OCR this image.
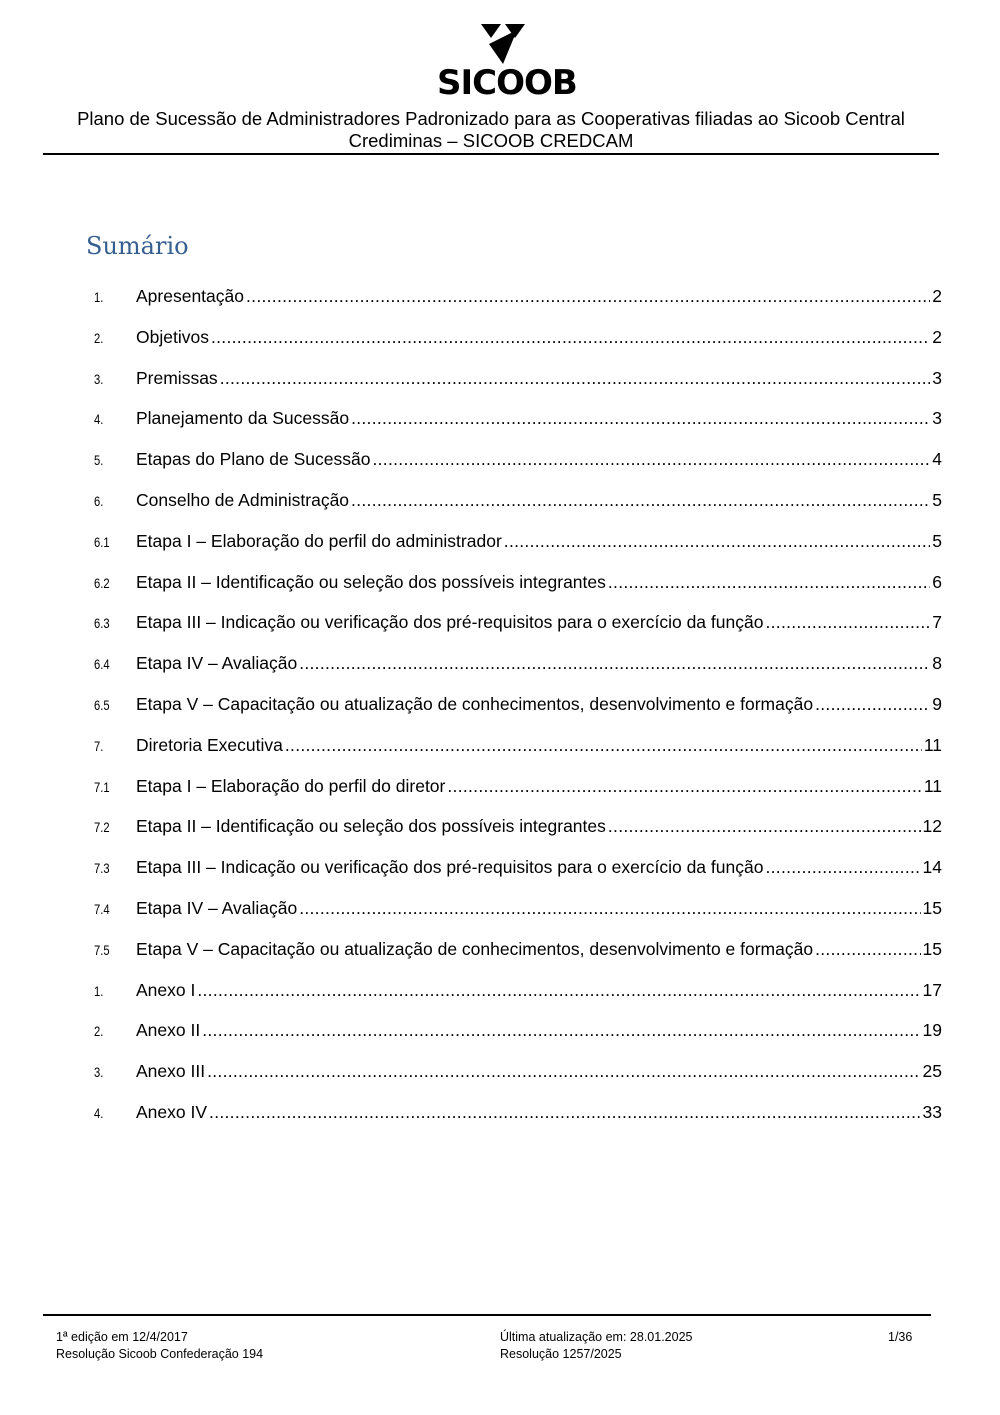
SICOOB
Plano de Sucessão de Administradores Padronizado para as Cooperativas filiadas ao Sicoob Central
Crediminas – SICOOB CREDCAM
Sumário
1.	Apresentação .....	2
2.	Objetivos .....	2
3.	Premissas .....	3
4.	Planejamento da Sucessão .....	3
5.	Etapas do Plano de Sucessão .....	4
6.	Conselho de Administração .....	5
6.1	Etapa I – Elaboração do perfil do administrador .....	5
6.2	Etapa II – Identificação ou seleção dos possíveis integrantes .....	6
6.3	Etapa III – Indicação ou verificação dos pré-requisitos para o exercício da função .....	7
6.4	Etapa IV – Avaliação .....	8
6.5	Etapa V – Capacitação ou atualização de conhecimentos, desenvolvimento e formação .....	9
7.	Diretoria Executiva .....	11
7.1	Etapa I – Elaboração do perfil do diretor .....	11
7.2	Etapa II – Identificação ou seleção dos possíveis integrantes .....	12
7.3	Etapa III – Indicação ou verificação dos pré-requisitos para o exercício da função .....	14
7.4	Etapa IV – Avaliação .....	15
7.5	Etapa V – Capacitação ou atualização de conhecimentos, desenvolvimento e formação .....	15
1.	Anexo I .....	17
2.	Anexo II .....	19
3.	Anexo III .....	25
4.	Anexo IV .....	33
1ª edição em 12/4/2017
Resolução Sicoob Confederação 194
Última atualização em: 28.01.2025
Resolução 1257/2025
1/36
